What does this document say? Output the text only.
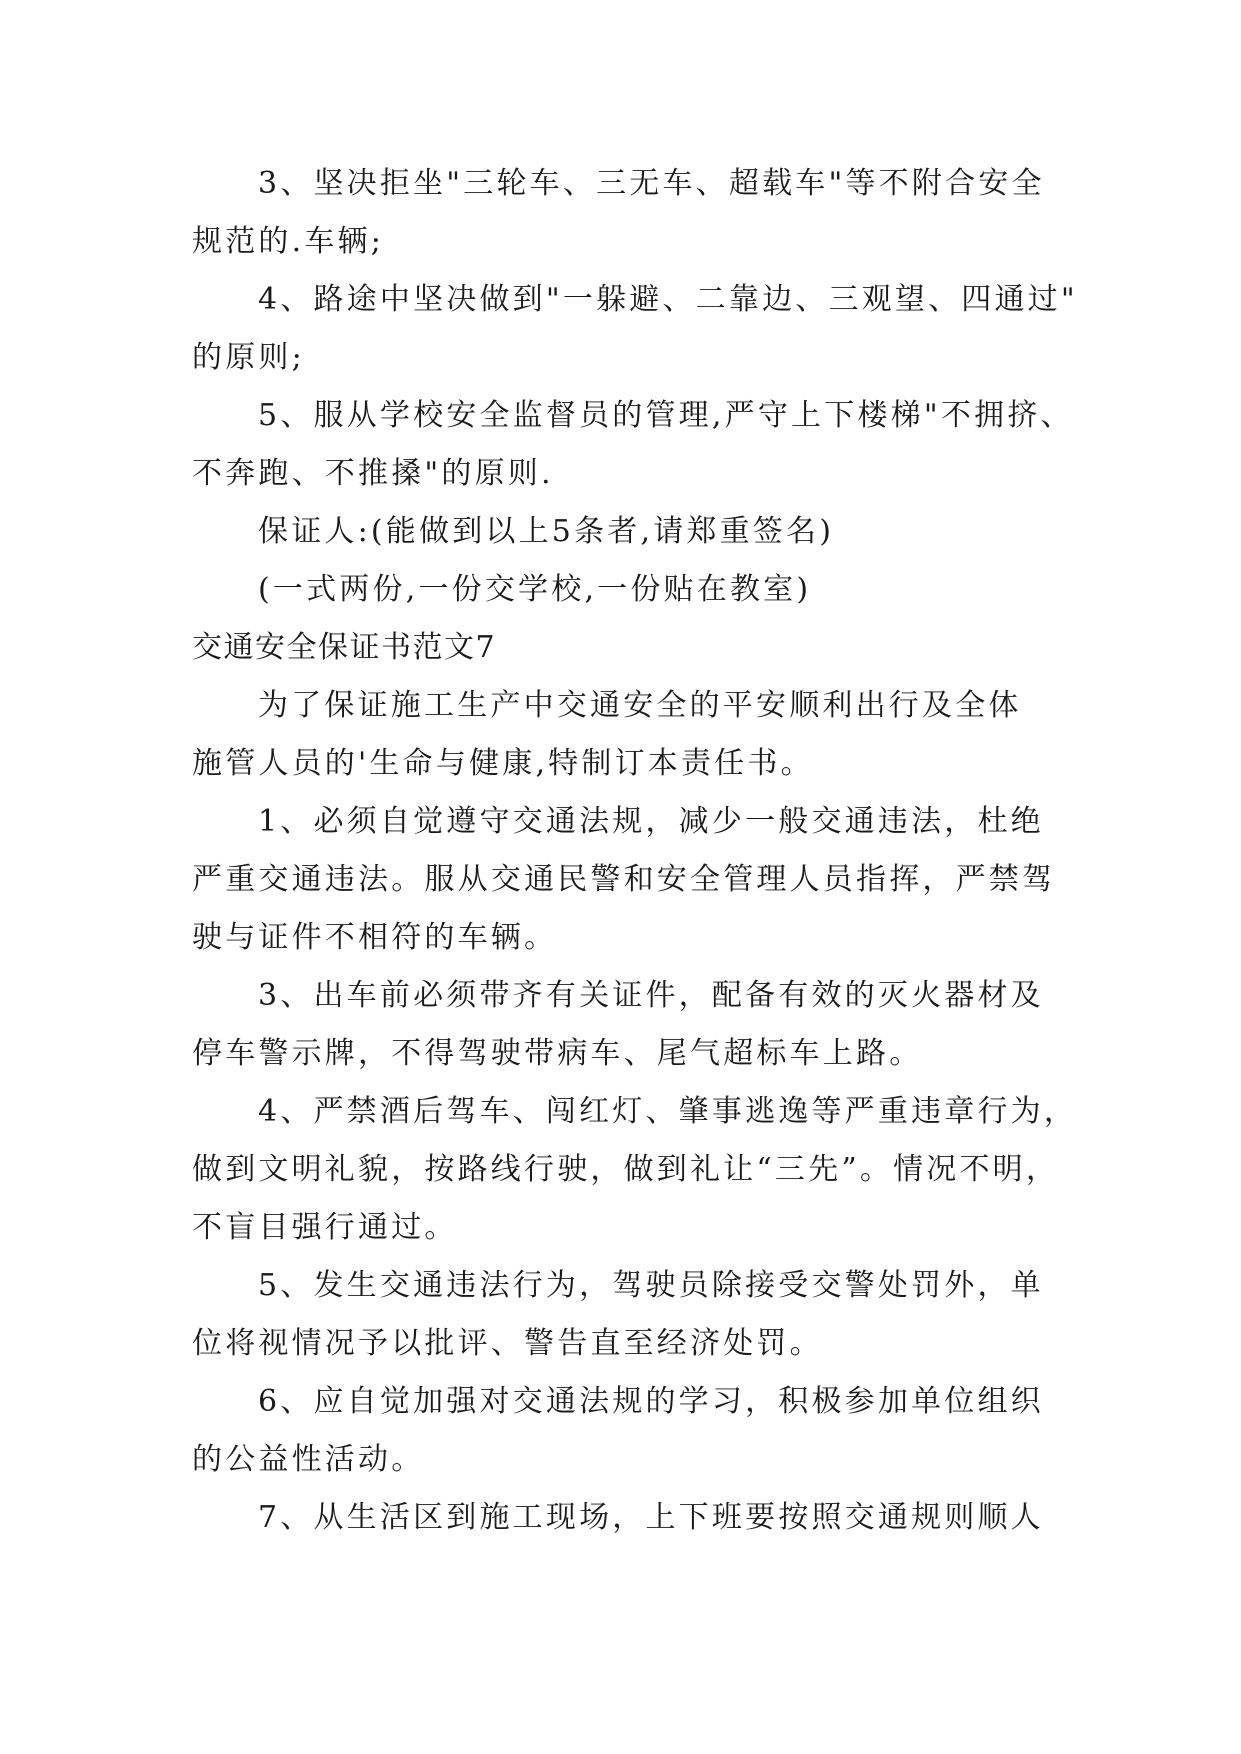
3、坚决拒坐"三轮车、三无车、超载车"等不附合安全
规范的.车辆;
4、路途中坚决做到"一躲避、二靠边、三观望、四通过"
的原则;
5、服从学校安全监督员的管理,严守上下楼梯"不拥挤、
不奔跑、不推搡"的原则.
保证人:(能做到以上5条者,请郑重签名)
(一式两份,一份交学校,一份贴在教室)
交通安全保证书范文7
为了保证施工生产中交通安全的平安顺利出行及全体
施管人员的'生命与健康,特制订本责任书。
1、必须自觉遵守交通法规，减少一般交通违法，杜绝
严重交通违法。服从交通民警和安全管理人员指挥，严禁驾
驶与证件不相符的车辆。
3、出车前必须带齐有关证件，配备有效的灭火器材及
停车警示牌，不得驾驶带病车、尾气超标车上路。
4、严禁酒后驾车、闯红灯、肇事逃逸等严重违章行为，
做到文明礼貌，按路线行驶，做到礼让“三先”。情况不明，
不盲目强行通过。
5、发生交通违法行为，驾驶员除接受交警处罚外，单
位将视情况予以批评、警告直至经济处罚。
6、应自觉加强对交通法规的学习，积极参加单位组织
的公益性活动。
7、从生活区到施工现场，上下班要按照交通规则顺人
